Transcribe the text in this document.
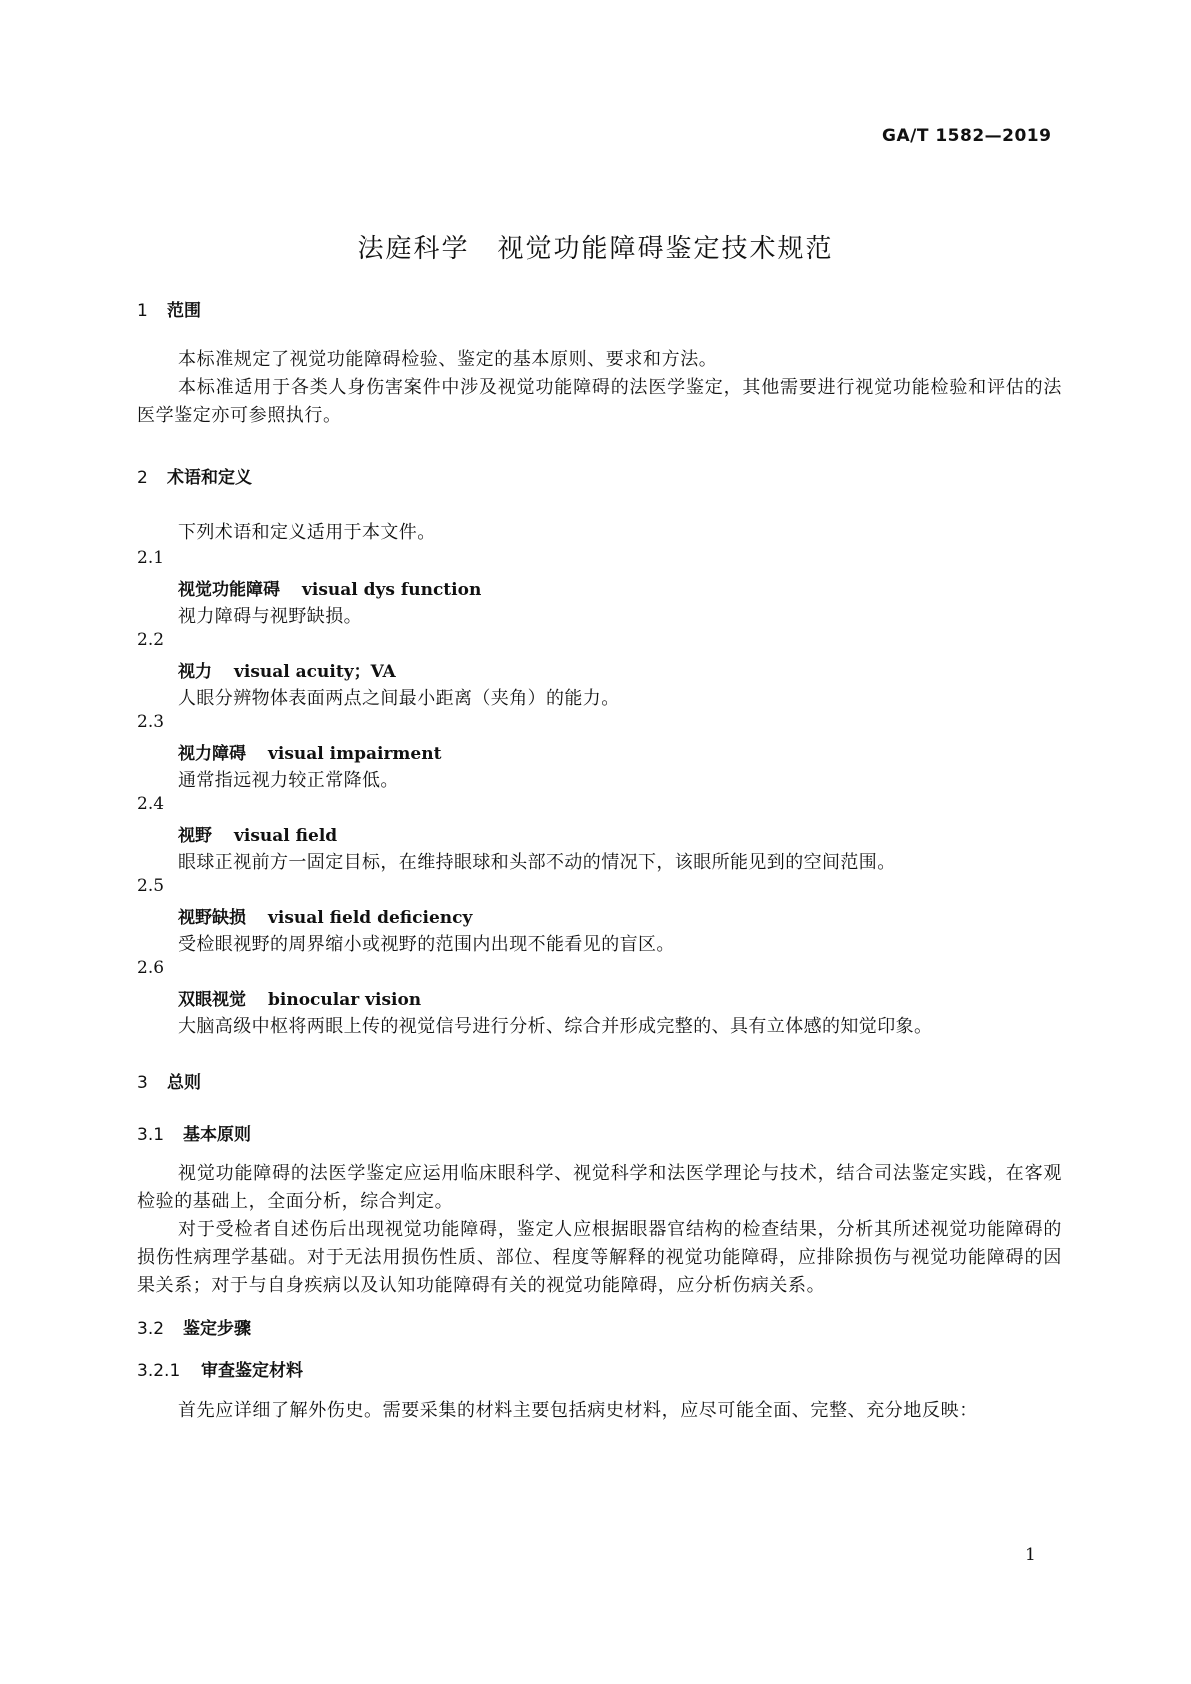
GA/T 1582—2019
法庭科学　视觉功能障碍鉴定技术规范
1 范围
本标准规定了视觉功能障碍检验、鉴定的基本原则、要求和方法。
本标准适用于各类人身伤害案件中涉及视觉功能障碍的法医学鉴定，其他需要进行视觉功能检验和评估的法医学鉴定亦可参照执行。
2 术语和定义
下列术语和定义适用于本文件。
2.1
视觉功能障碍 visual dys function
视力障碍与视野缺损。
2.2
视力 visual acuity；VA
人眼分辨物体表面两点之间最小距离（夹角）的能力。
2.3
视力障碍 visual impairment
通常指远视力较正常降低。
2.4
视野 visual field
眼球正视前方一固定目标，在维持眼球和头部不动的情况下，该眼所能见到的空间范围。
2.5
视野缺损 visual field deficiency
受检眼视野的周界缩小或视野的范围内出现不能看见的盲区。
2.6
双眼视觉 binocular vision
大脑高级中枢将两眼上传的视觉信号进行分析、综合并形成完整的、具有立体感的知觉印象。
3 总则
3.1 基本原则
视觉功能障碍的法医学鉴定应运用临床眼科学、视觉科学和法医学理论与技术，结合司法鉴定实践，在客观检验的基础上，全面分析，综合判定。
对于受检者自述伤后出现视觉功能障碍，鉴定人应根据眼器官结构的检查结果，分析其所述视觉功能障碍的损伤性病理学基础。对于无法用损伤性质、部位、程度等解释的视觉功能障碍，应排除损伤与视觉功能障碍的因果关系；对于与自身疾病以及认知功能障碍有关的视觉功能障碍，应分析伤病关系。
3.2 鉴定步骤
3.2.1 审查鉴定材料
首先应详细了解外伤史。需要采集的材料主要包括病史材料，应尽可能全面、完整、充分地反映：
1
